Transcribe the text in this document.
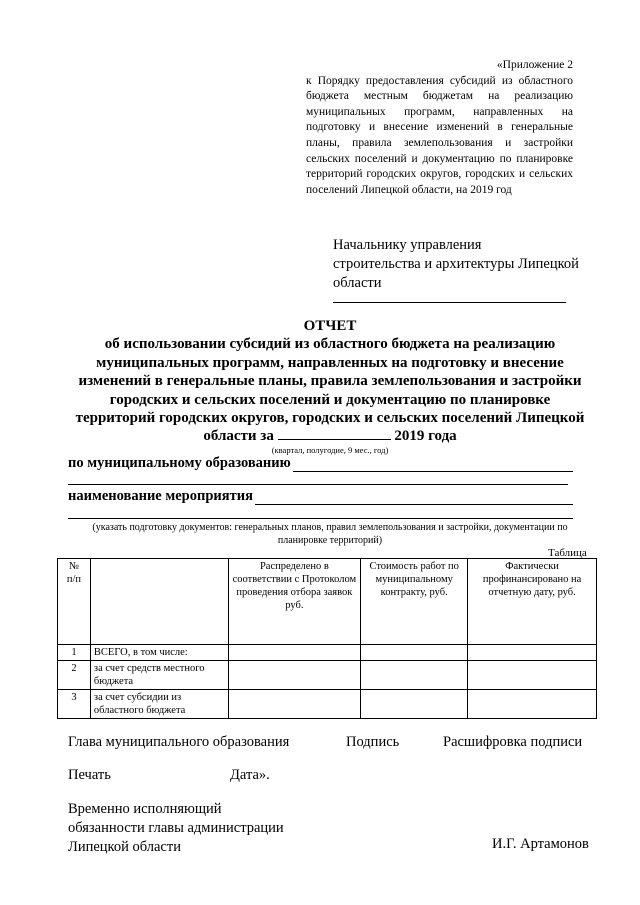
«Приложение 2
к Порядку предоставления субсидий из областного бюджета местным бюджетам на реализацию муниципальных программ, направленных на подготовку и внесение изменений в генеральные планы, правила землепользования и застройки сельских поселений и документацию по планировке территорий городских округов, городских и сельских поселений Липецкой области, на 2019 год
Начальнику управления
строительства и архитектуры Липецкой
области
ОТЧЕТ
об использовании субсидий из областного бюджета на реализацию
муниципальных программ, направленных на подготовку и внесение
изменений в генеральные планы, правила землепользования и застройки
городских и сельских поселений и документацию по планировке
территорий городских округов, городских и сельских поселений Липецкой
области за	2019 года
(квартал, полугодие, 9 мес., год)
по муниципальному образованию
наименование мероприятия
(указать подготовку документов: генеральных планов, правил землепользования и застройки, документации по
планировке территорий)
Таблица
№
п/п		Распределено в соответствии с Протоколом проведения отбора заявок руб.	Стоимость работ по муниципальному контракту, руб.	Фактически профинансировано на отчетную дату, руб.
1	ВСЕГО, в том числе:			
2	за счет средств местного бюджета			
3	за счет субсидии из областного бюджета			
Глава муниципального образования	Подпись	Расшифровка подписи
Печать	Дата».
Временно исполняющий
обязанности главы администрации
Липецкой области	И.Г. Артамонов
